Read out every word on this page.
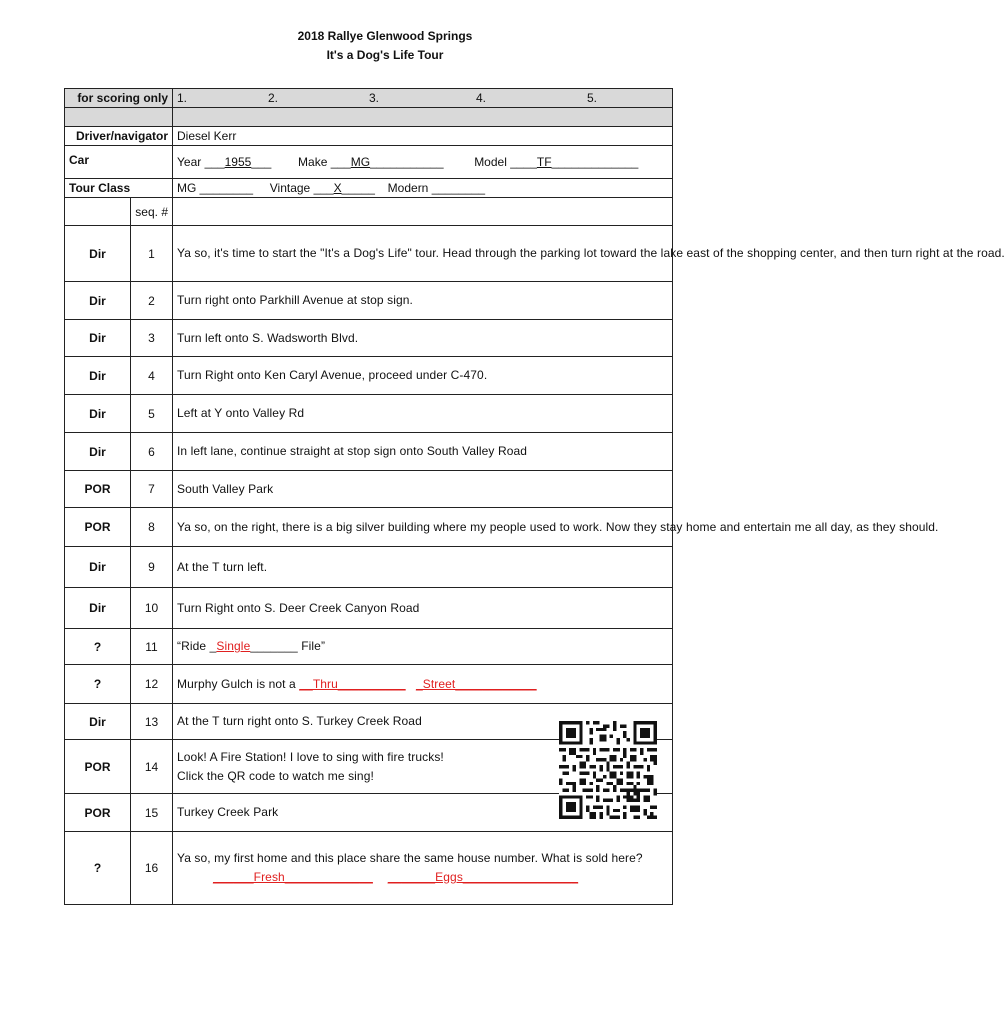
2018 Rallye Glenwood Springs
It's a Dog's Life Tour
for scoring only		1. 2. 3. 4. 5.

Driver/navigator		Diesel Kerr
Car		Year ___1955___ Make ___MG___________ Model ____TF_____________
Tour Class		MG ________ Vintage ___X_____ Modern ________
	seq. #	
Dir	1	Ya so, it's time to start the "It's a Dog's Life" tour. Head through the parking lot toward the lake east of the shopping center, and then turn right at the road.
Dir	2	Turn right onto Parkhill Avenue at stop sign.
Dir	3	Turn left onto S. Wadsworth Blvd.
Dir	4	Turn Right onto Ken Caryl Avenue, proceed under C-470.
Dir	5	Left at Y onto Valley Rd
Dir	6	In left lane, continue straight at stop sign onto South Valley Road
POR	7	South Valley Park
POR	8	Ya so, on the right, there is a big silver building where my people used to work. Now they stay home and entertain me all day, as they should.
Dir	9	At the T turn left.
Dir	10	Turn Right onto S. Deer Creek Canyon Road
?	11	“Ride _Single_______ File”
?	12	Murphy Gulch is not a __Thru__________ _Street____________
Dir	13	At the T turn right onto S. Turkey Creek Road
POR	14	Look! A Fire Station! I love to sing with fire trucks!
Click the QR code to watch me sing!

POR	15	Turkey Creek Park
?	16	Ya so, my first home and this place share the same house number. What is sold here?
______Fresh_____________ _______Eggs_________________
